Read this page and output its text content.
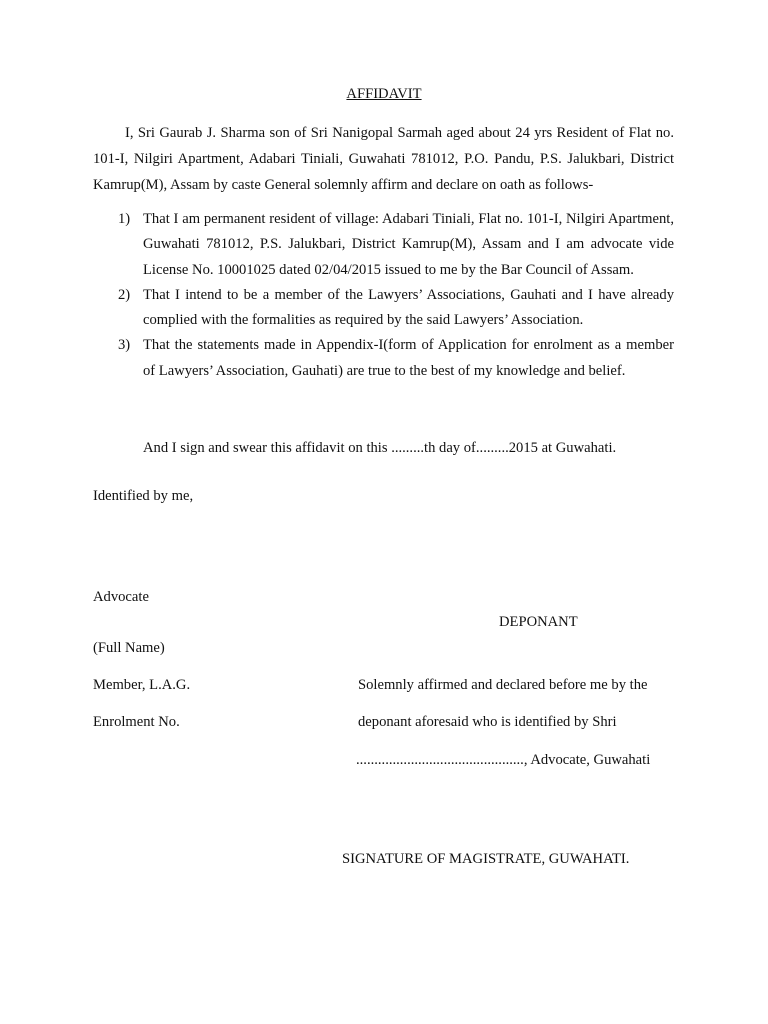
AFFIDAVIT

I, Sri Gaurab J. Sharma son of Sri Nanigopal Sarmah aged about 24 yrs Resident of Flat no. 101-I, Nilgiri Apartment, Adabari Tiniali, Guwahati 781012, P.O. Pandu, P.S. Jalukbari, District Kamrup(M), Assam by caste General solemnly affirm and declare on oath as follows-

1) That I am permanent resident of village: Adabari Tiniali, Flat no. 101-I, Nilgiri Apartment, Guwahati 781012, P.S. Jalukbari, District Kamrup(M), Assam and I am advocate vide License No. 10001025 dated 02/04/2015 issued to me by the Bar Council of Assam.
2) That I intend to be a member of the Lawyers’ Associations, Gauhati and I have already complied with the formalities as required by the said Lawyers’ Association.
3) That the statements made in Appendix-I(form of Application for enrolment as a member of Lawyers’ Association, Gauhati) are true to the best of my knowledge and belief.
And I sign and swear this affidavit on this .........th day of.........2015 at Guwahati.
Identified by me,
Advocate
DEPONANT
(Full Name)
Member, L.A.G.	Solemnly affirmed and declared before me by the
Enrolment No.	deponant aforesaid who is identified by Shri
.............................................., Advocate, Guwahati
SIGNATURE OF MAGISTRATE, GUWAHATI.
